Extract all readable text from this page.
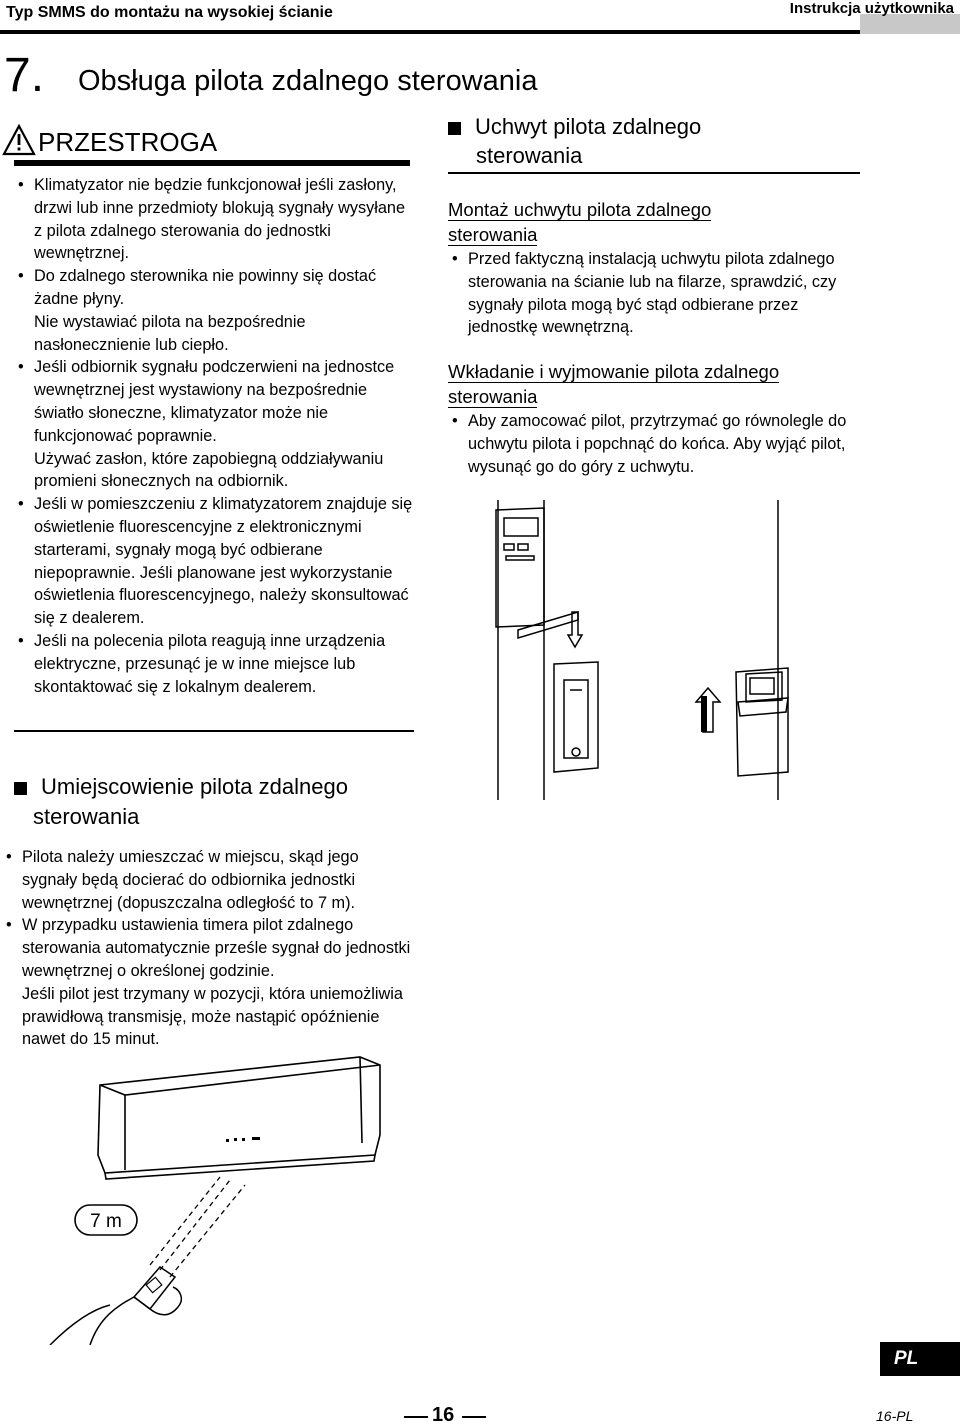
Typ SMMS do montażu na wysokiej ścianie	Instrukcja użytkownika
7. Obsługa pilota zdalnego sterowania
PRZESTROGA
• Klimatyzator nie będzie funkcjonował jeśli zasłony, drzwi lub inne przedmioty blokują sygnały wysyłane z pilota zdalnego sterowania do jednostki wewnętrznej.
• Do zdalnego sterownika nie powinny się dostać żadne płyny.
Nie wystawiać pilota na bezpośrednie nasłonecznienie lub ciepło.
• Jeśli odbiornik sygnału podczerwieni na jednostce wewnętrznej jest wystawiony na bezpośrednie światło słoneczne, klimatyzator może nie funkcjonować poprawnie.
Używać zasłon, które zapobiegną oddziaływaniu promieni słonecznych na odbiornik.
• Jeśli w pomieszczeniu z klimatyzatorem znajduje się oświetlenie fluorescencyjne z elektronicznymi starterami, sygnały mogą być odbierane niepoprawnie. Jeśli planowane jest wykorzystanie oświetlenia fluorescencyjnego, należy skonsultować się z dealerem.
• Jeśli na polecenia pilota reagują inne urządzenia elektryczne, przesunąć je w inne miejsce lub skontaktować się z lokalnym dealerem.
Umiejscowienie pilota zdalnego
sterowania
• Pilota należy umieszczać w miejscu, skąd jego sygnały będą docierać do odbiornika jednostki wewnętrznej (dopuszczalna odległość to 7 m).
• W przypadku ustawienia timera pilot zdalnego sterowania automatycznie prześle sygnał do jednostki wewnętrznej o określonej godzinie.
Jeśli pilot jest trzymany w pozycji, która uniemożliwia prawidłową transmisję, może nastąpić opóźnienie nawet do 15 minut.
7 m
Uchwyt pilota zdalnego
sterowania
Montaż uchwytu pilota zdalnego
sterowania
• Przed faktyczną instalacją uchwytu pilota zdalnego sterowania na ścianie lub na filarze, sprawdzić, czy sygnały pilota mogą być stąd odbierane przez jednostkę wewnętrzną.
Wkładanie i wyjmowanie pilota zdalnego
sterowania
• Aby zamocować pilot, przytrzymać go równolegle do uchwytu pilota i popchnąć do końca. Aby wyjąć pilot, wysunąć go do góry z uchwytu.
PL
16	16-PL
